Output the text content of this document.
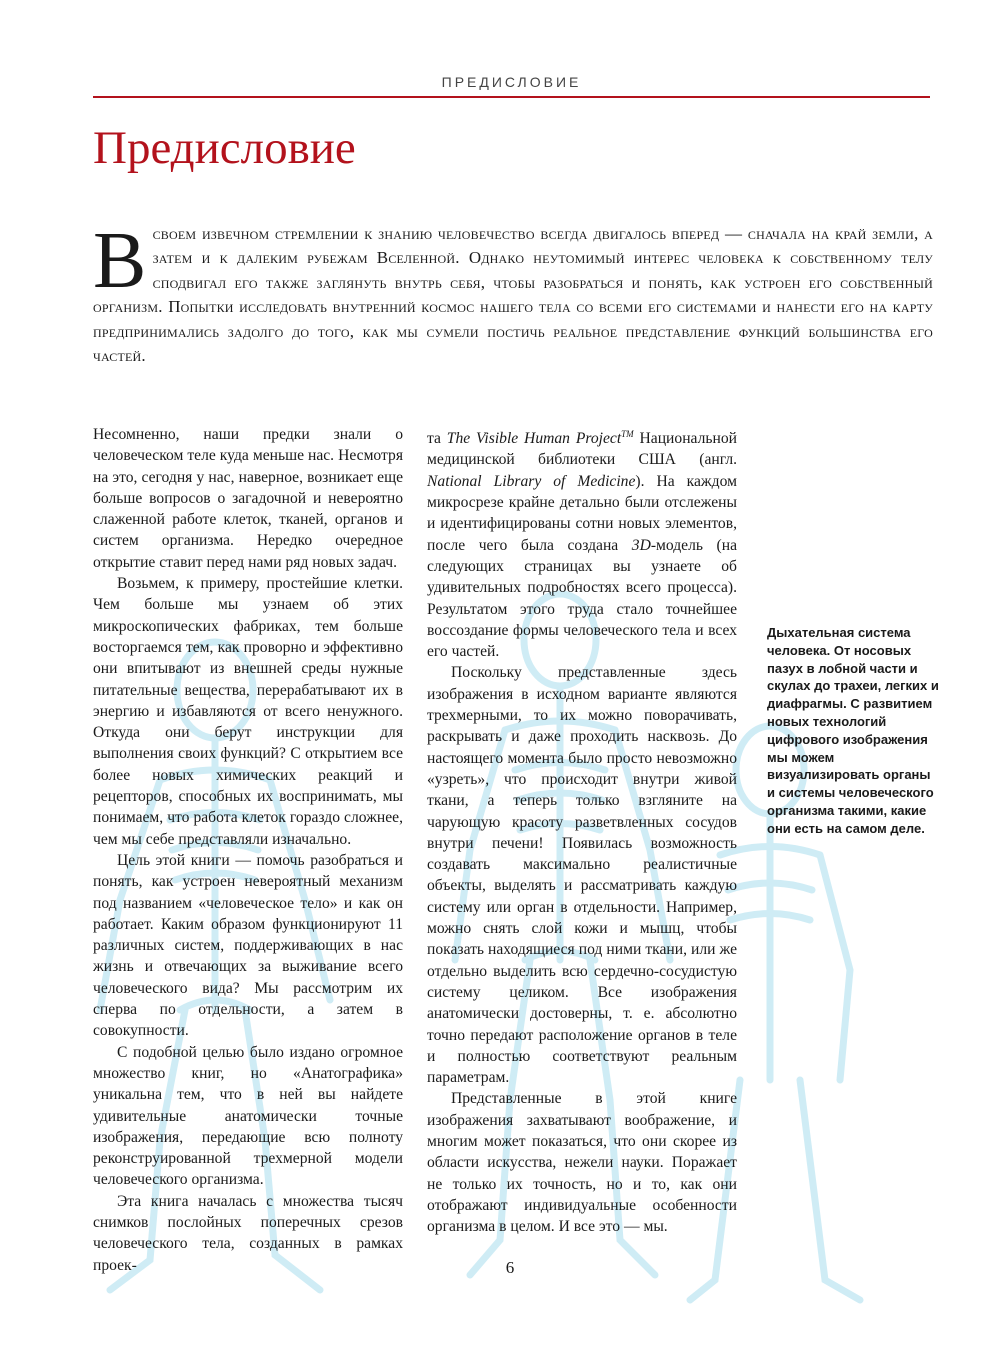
ПРЕДИСЛОВИЕ
Предисловие

Всвоем извечном стремлении к знанию человечество всегда двигалось вперед — сначала на край земли, а затем и к далеким рубежам Вселенной. Однако неутомимый интерес человека к собственному телу сподвигал его также заглянуть внутрь себя, чтобы разобраться и понять, как устроен его собственный организм. Попытки исследовать внутренний космос нашего тела со всеми его системами и нанести его на карту предпринимались задолго до того, как мы сумели постичь реальное представление функций большинства его частей.

Несомненно, наши предки знали о человеческом теле куда меньше нас. Несмотря на это, сегодня у нас, наверное, возникает еще больше вопросов о загадочной и невероятно слаженной работе клеток, тканей, органов и систем организма. Нередко очередное открытие ставит перед нами ряд новых задач.

Возьмем, к примеру, простейшие клетки. Чем больше мы узнаем об этих микроскопических фабриках, тем больше восторгаемся тем, как проворно и эффективно они впитывают из внешней среды нужные питательные вещества, перерабатывают их в энергию и избавляются от всего ненужного. Откуда они берут инструкции для выполнения своих функций? С открытием все более новых химических реакций и рецепторов, способных их воспринимать, мы понимаем, что работа клеток гораздо сложнее, чем мы себе представляли изначально.

Цель этой книги — помочь разобраться и понять, как устроен невероятный механизм под названием «человеческое тело» и как он работает. Каким образом функционируют 11 различных систем, поддерживающих в нас жизнь и отвечающих за выживание всего человеческого вида? Мы рассмотрим их сперва по отдельности, а затем в совокупности.

С подобной целью было издано огромное множество книг, но «Анатографика» уникальна тем, что в ней вы найдете удивительные анатомически точные изображения, передающие всю полноту реконструированной трехмерной модели человеческого организма.

Эта книга началась с множества тысяч снимков послойных поперечных срезов человеческого тела, созданных в рамках проек-

та The Visible Human Project™ Национальной медицинской библиотеки США (англ. National Library of Medicine). На каждом микросрезе крайне детально были отслежены и идентифицированы сотни новых элементов, после чего была создана 3D-модель (на следующих страницах вы узнаете об удивительных подробностях всего процесса). Результатом этого труда стало точнейшее воссоздание формы человеческого тела и всех его частей.

Поскольку представленные здесь изображения в исходном варианте являются трехмерными, то их можно поворачивать, раскрывать и даже проходить насквозь. До настоящего момента было просто невозможно «узреть», что происходит внутри живой ткани, а теперь только взгляните на чарующую красоту разветвленных сосудов внутри печени! Появилась возможность создавать максимально реалистичные объекты, выделять и рассматривать каждую систему или орган в отдельности. Например, можно снять слой кожи и мышц, чтобы показать находящиеся под ними ткани, или же отдельно выделить всю сердечно-сосудистую систему целиком. Все изображения анатомически достоверны, т. е. абсолютно точно передают расположение органов в теле и полностью соответствуют реальным параметрам.

Представленные в этой книге изображения захватывают воображение, и многим может показаться, что они скорее из области искусства, нежели науки. Поражает не только их точность, но и то, как они отображают индивидуальные особенности организма в целом. И все это — мы.

Дыхательная система человека. От носовых пазух в лобной части и скулах до трахеи, легких и диафрагмы. С развитием новых технологий цифрового изображения мы можем визуализировать органы и системы человеческого организма такими, какие они есть на самом деле.

6
